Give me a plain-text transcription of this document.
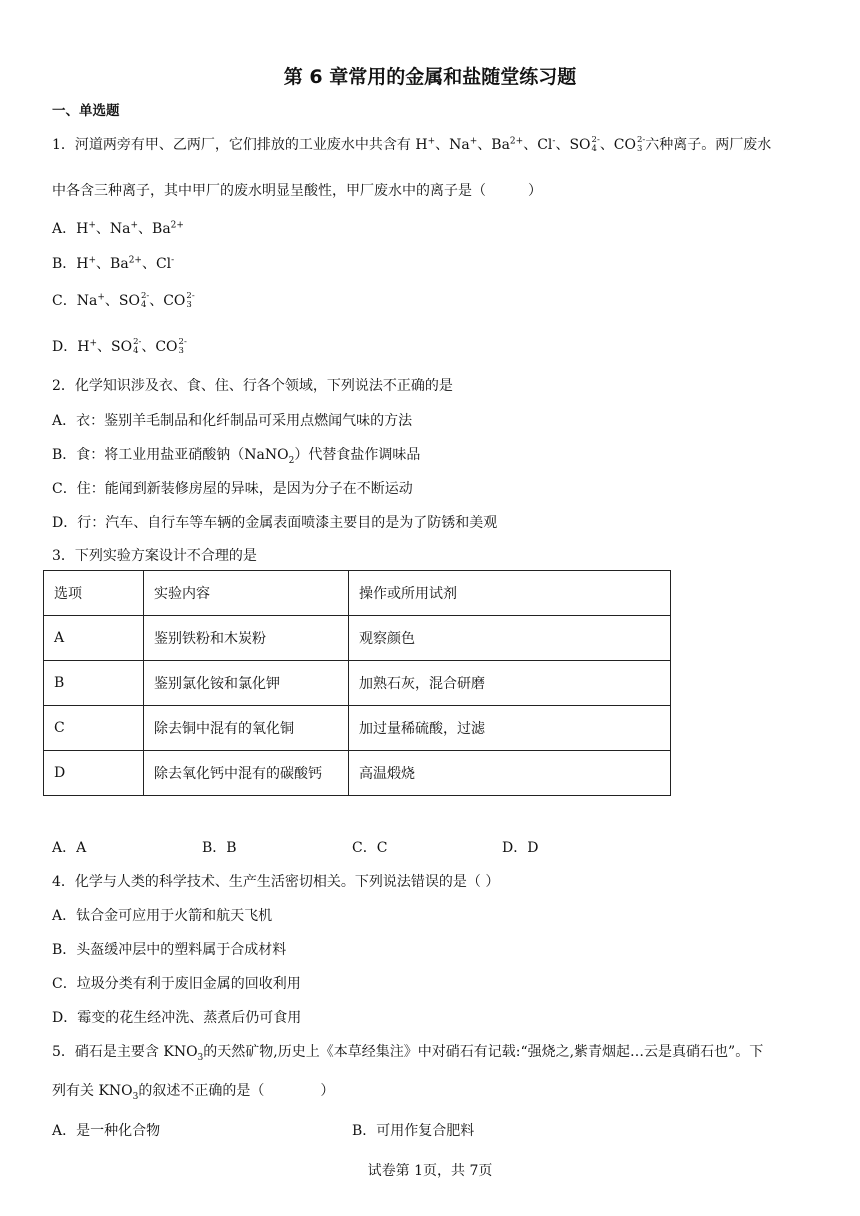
第 6 章常用的金属和盐随堂练习题
一、单选题
1．河道两旁有甲、乙两厂，它们排放的工业废水中共含有 H+、Na+、$Ba^{2+}$、Cl-、SO 2-
4 、CO 2-
3 六种离子。两厂废水
中各含三种离子，其中甲厂的废水明显呈酸性，甲厂废水中的离子是（　　　）
A．H+、Na+、$Ba^{2+}$
B．H+、$Ba^{2+}$、Cl-
C．Na+、SO 2-
4 、CO 2-
3
D．H+、SO 2-
4 、CO 2-
3
2．化学知识涉及衣、食、住、行各个领域，下列说法不正确的是
A．衣：鉴别羊毛制品和化纤制品可采用点燃闻气味的方法
B．食：将工业用盐亚硝酸钠（NaNO$_2$）代替食盐作调味品
C．住：能闻到新装修房屋的异味，是因为分子在不断运动
D．行：汽车、自行车等车辆的金属表面喷漆主要目的是为了防锈和美观
3．下列实验方案设计不合理的是
选项	实验内容	操作或所用试剂
A	鉴别铁粉和木炭粉	观察颜色
B	鉴别氯化铵和氯化钾	加熟石灰，混合研磨
C	除去铜中混有的氧化铜	加过量稀硫酸，过滤
D	除去氧化钙中混有的碳酸钙	高温煅烧
A．A	B．B	C．C	D．D
4．化学与人类的科学技术、生产生活密切相关。下列说法错误的是（ ）
A．钛合金可应用于火箭和航天飞机
B．头盔缓冲层中的塑料属于合成材料
C．垃圾分类有利于废旧金属的回收利用
D．霉变的花生经冲洗、蒸煮后仍可食用
5．硝石是主要含 $KNO_3$的天然矿物,历史上《本草经集注》中对硝石有记载:“强烧之,紫青烟起…云是真硝石也”。下
列有关 $KNO_3$的叙述不正确的是（　　　　）
A．是一种化合物	B．可用作复合肥料
试卷第 1页，共 7页
